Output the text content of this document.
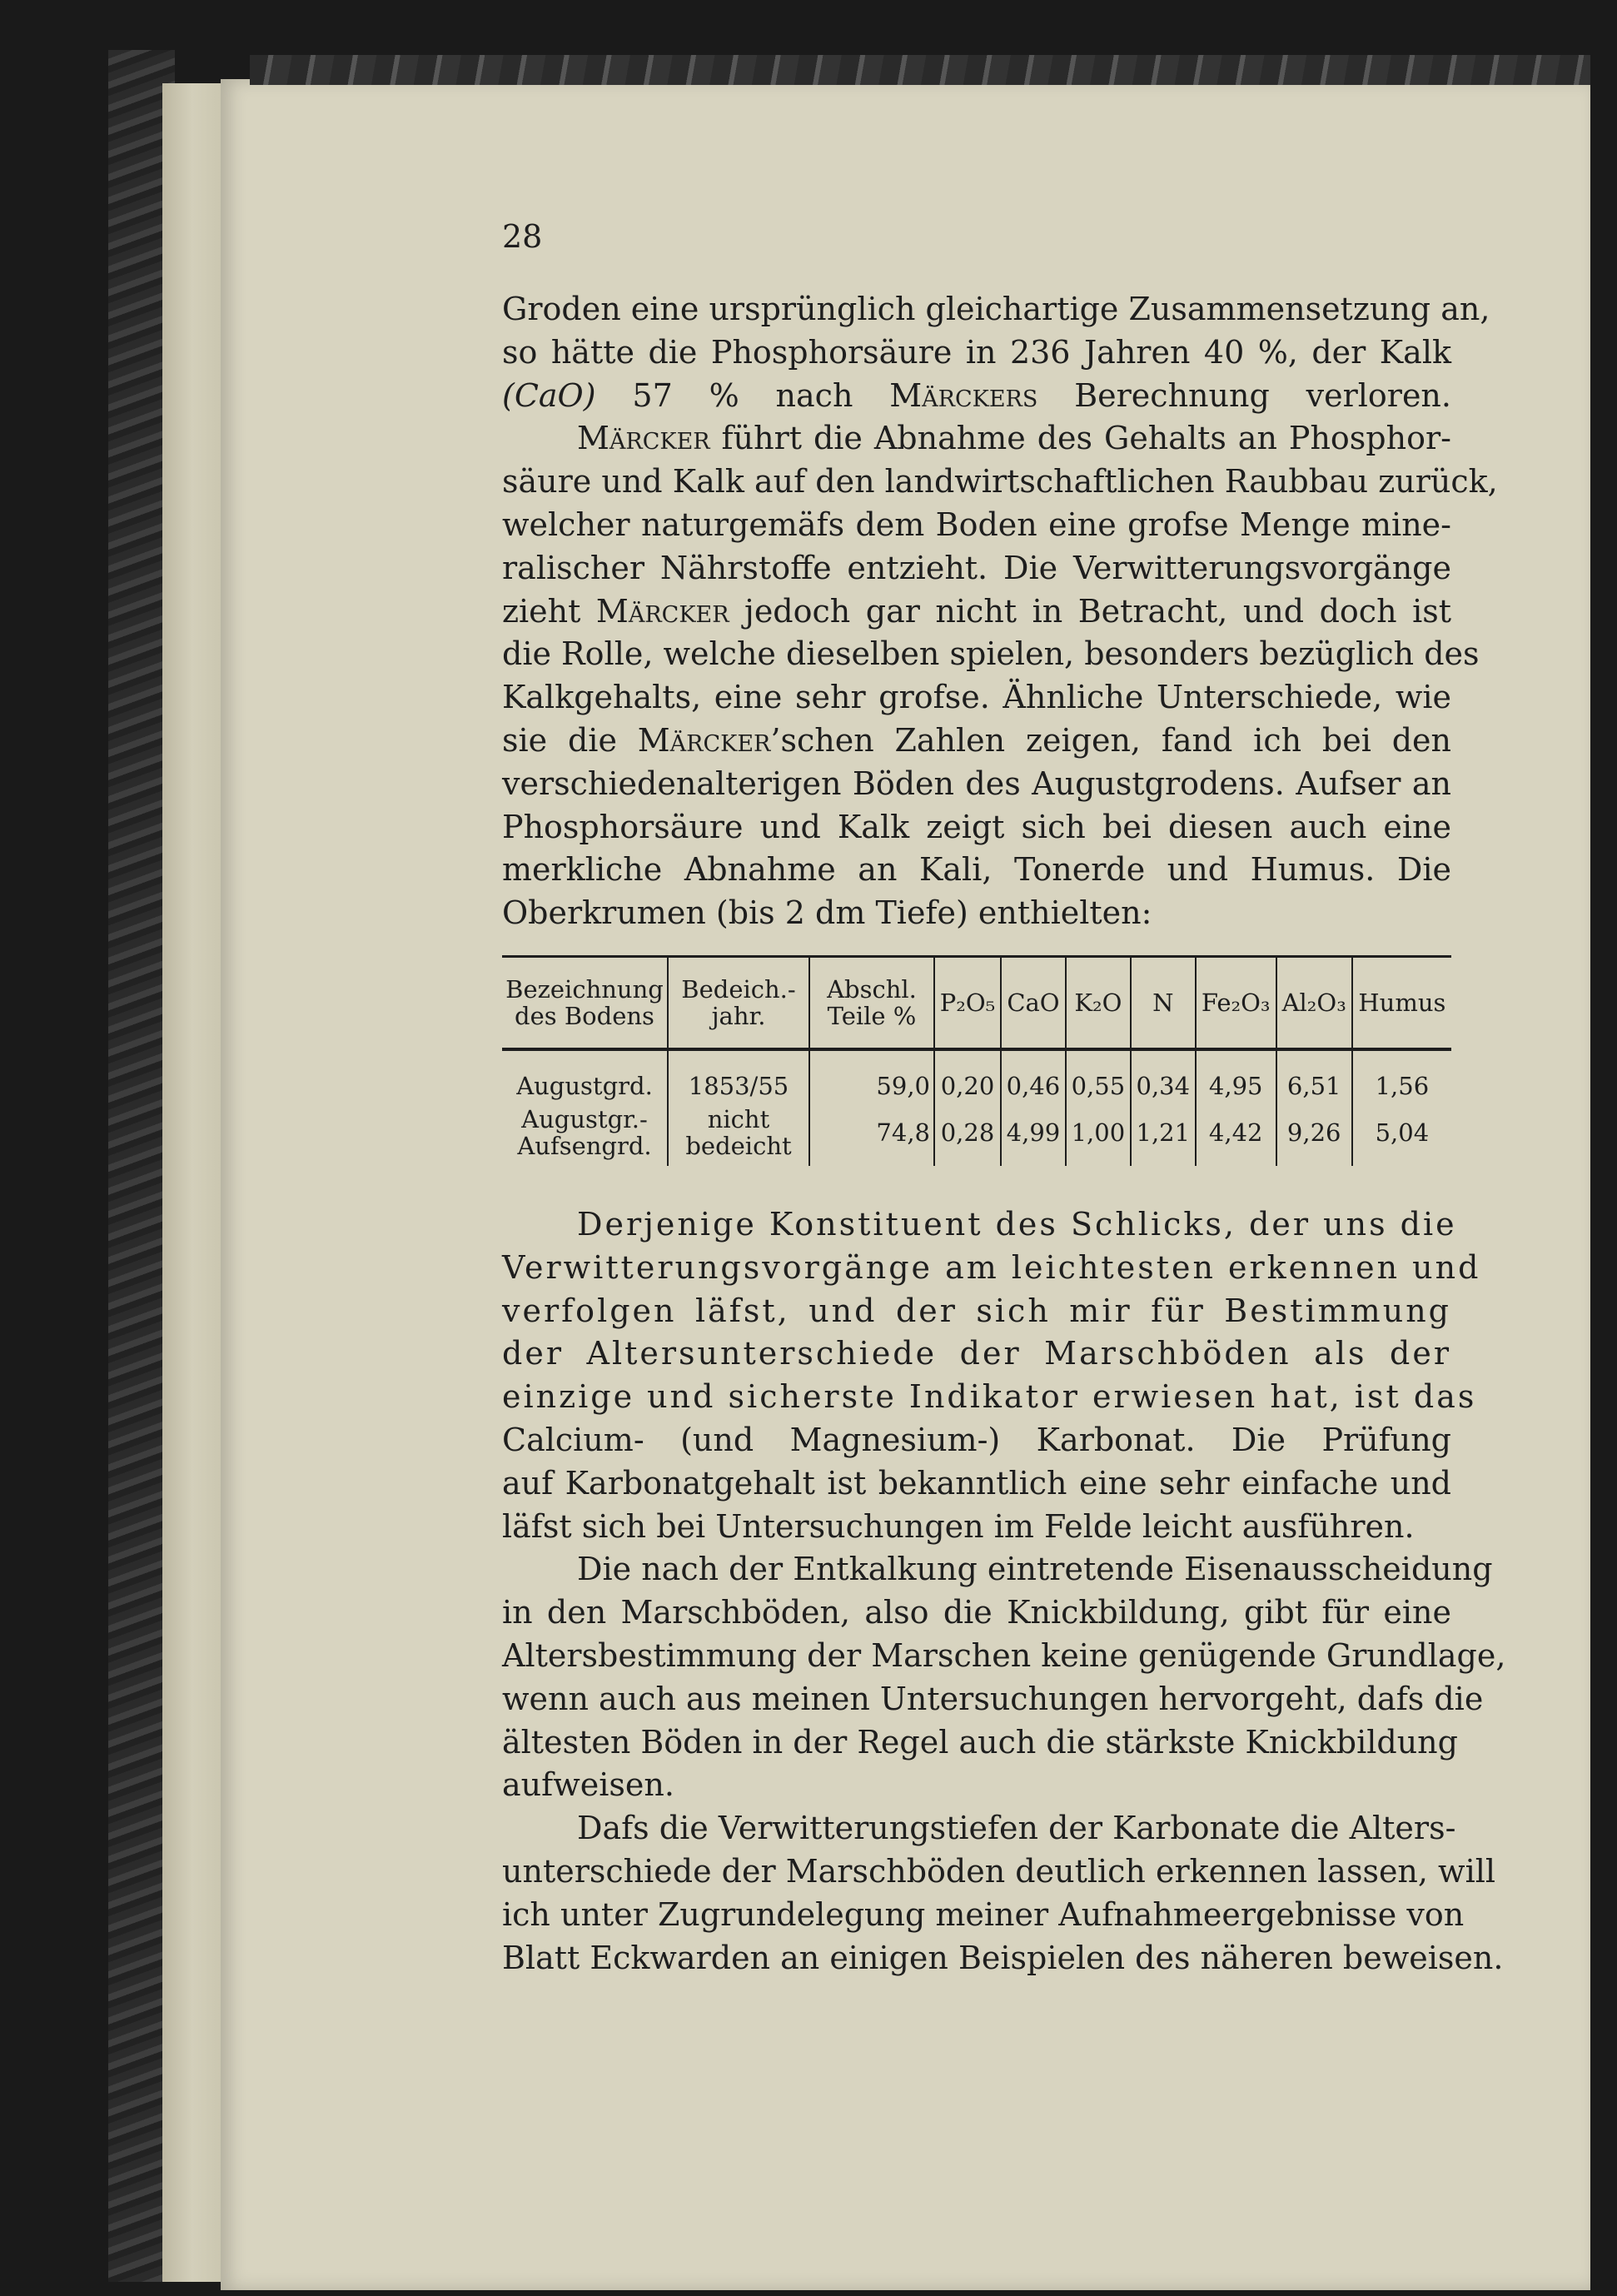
28
Groden eine ursprünglich gleichartige Zusammensetzung an,
so hätte die Phosphorsäure in 236 Jahren 40 %, der Kalk
(CaO) 57 % nach Märckers Berechnung verloren.
Märcker führt die Abnahme des Gehalts an Phosphor-
säure und Kalk auf den landwirtschaftlichen Raubbau zurück,
welcher naturgemäfs dem Boden eine grofse Menge mine-
ralischer Nährstoffe entzieht. Die Verwitterungsvorgänge
zieht Märcker jedoch gar nicht in Betracht, und doch ist
die Rolle, welche dieselben spielen, besonders bezüglich des
Kalkgehalts, eine sehr grofse. Ähnliche Unterschiede, wie
sie die Märcker’schen Zahlen zeigen, fand ich bei den
verschiedenalterigen Böden des Augustgrodens. Aufser an
Phosphorsäure und Kalk zeigt sich bei diesen auch eine
merkliche Abnahme an Kali, Tonerde und Humus. Die
Oberkrumen (bis 2 dm Tiefe) enthielten:
Bezeichnung des Bodens	Bedeich.-jahr.	Abschl. Teile %	P₂O₅	CaO	K₂O	N	Fe₂O₃	Al₂O₃	Humus
Augustgrd.	1853/55	59,0	0,20	0,46	0,55	0,34	4,95	6,51	1,56
Augustgr.- Aufsengrd.	nicht bedeicht	74,8	0,28	4,99	1,00	1,21	4,42	9,26	5,04
Derjenige Konstituent des Schlicks, der uns die
Verwitterungsvorgänge am leichtesten erkennen und
verfolgen läfst, und der sich mir für Bestimmung
der Altersunterschiede der Marschböden als der
einzige und sicherste Indikator erwiesen hat, ist das
Calcium- (und Magnesium-) Karbonat. Die Prüfung
auf Karbonatgehalt ist bekanntlich eine sehr einfache und
läfst sich bei Untersuchungen im Felde leicht ausführen.
Die nach der Entkalkung eintretende Eisenausscheidung
in den Marschböden, also die Knickbildung, gibt für eine
Altersbestimmung der Marschen keine genügende Grundlage,
wenn auch aus meinen Untersuchungen hervorgeht, dafs die
ältesten Böden in der Regel auch die stärkste Knickbildung
aufweisen.
Dafs die Verwitterungstiefen der Karbonate die Alters-
unterschiede der Marschböden deutlich erkennen lassen, will
ich unter Zugrundelegung meiner Aufnahmeergebnisse von
Blatt Eckwarden an einigen Beispielen des näheren beweisen.
